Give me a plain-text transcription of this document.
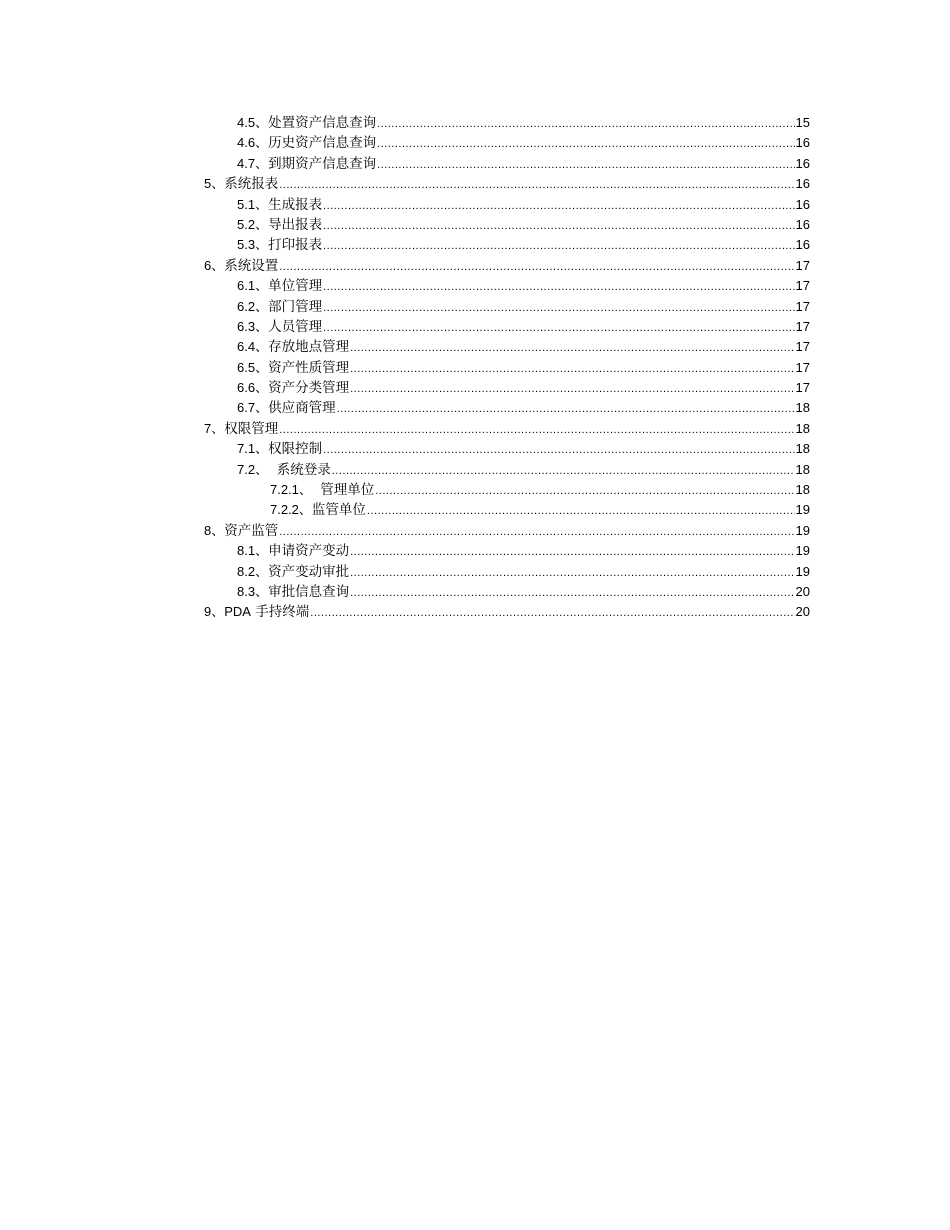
4.5、 处置资产信息查询 .....	15
4.6、 历史资产信息查询 .....	16
4.7、 到期资产信息查询 .....	16
5、 系统报表 .....	16
5.1、 生成报表 .....	16
5.2、 导出报表 .....	16
5.3、 打印报表 .....	16
6、 系统设置 .....	17
6.1、 单位管理 .....	17
6.2、 部门管理 .....	17
6.3、 人员管理 .....	17
6.4、 存放地点管理 .....	17
6.5、 资产性质管理 .....	17
6.6、 资产分类管理 .....	17
6.7、 供应商管理 .....	18
7、 权限管理 .....	18
7.1、 权限控制 .....	18
7.2、 系统登录 .....	18
7.2.1、 管理单位 .....	18
7.2.2、 监管单位 .....	19
8、 资产监管 .....	19
8.1、 申请资产变动 .....	19
8.2、 资产变动审批 .....	19
8.3、 审批信息查询 .....	20
9、PDA 手持终端 .....	20
